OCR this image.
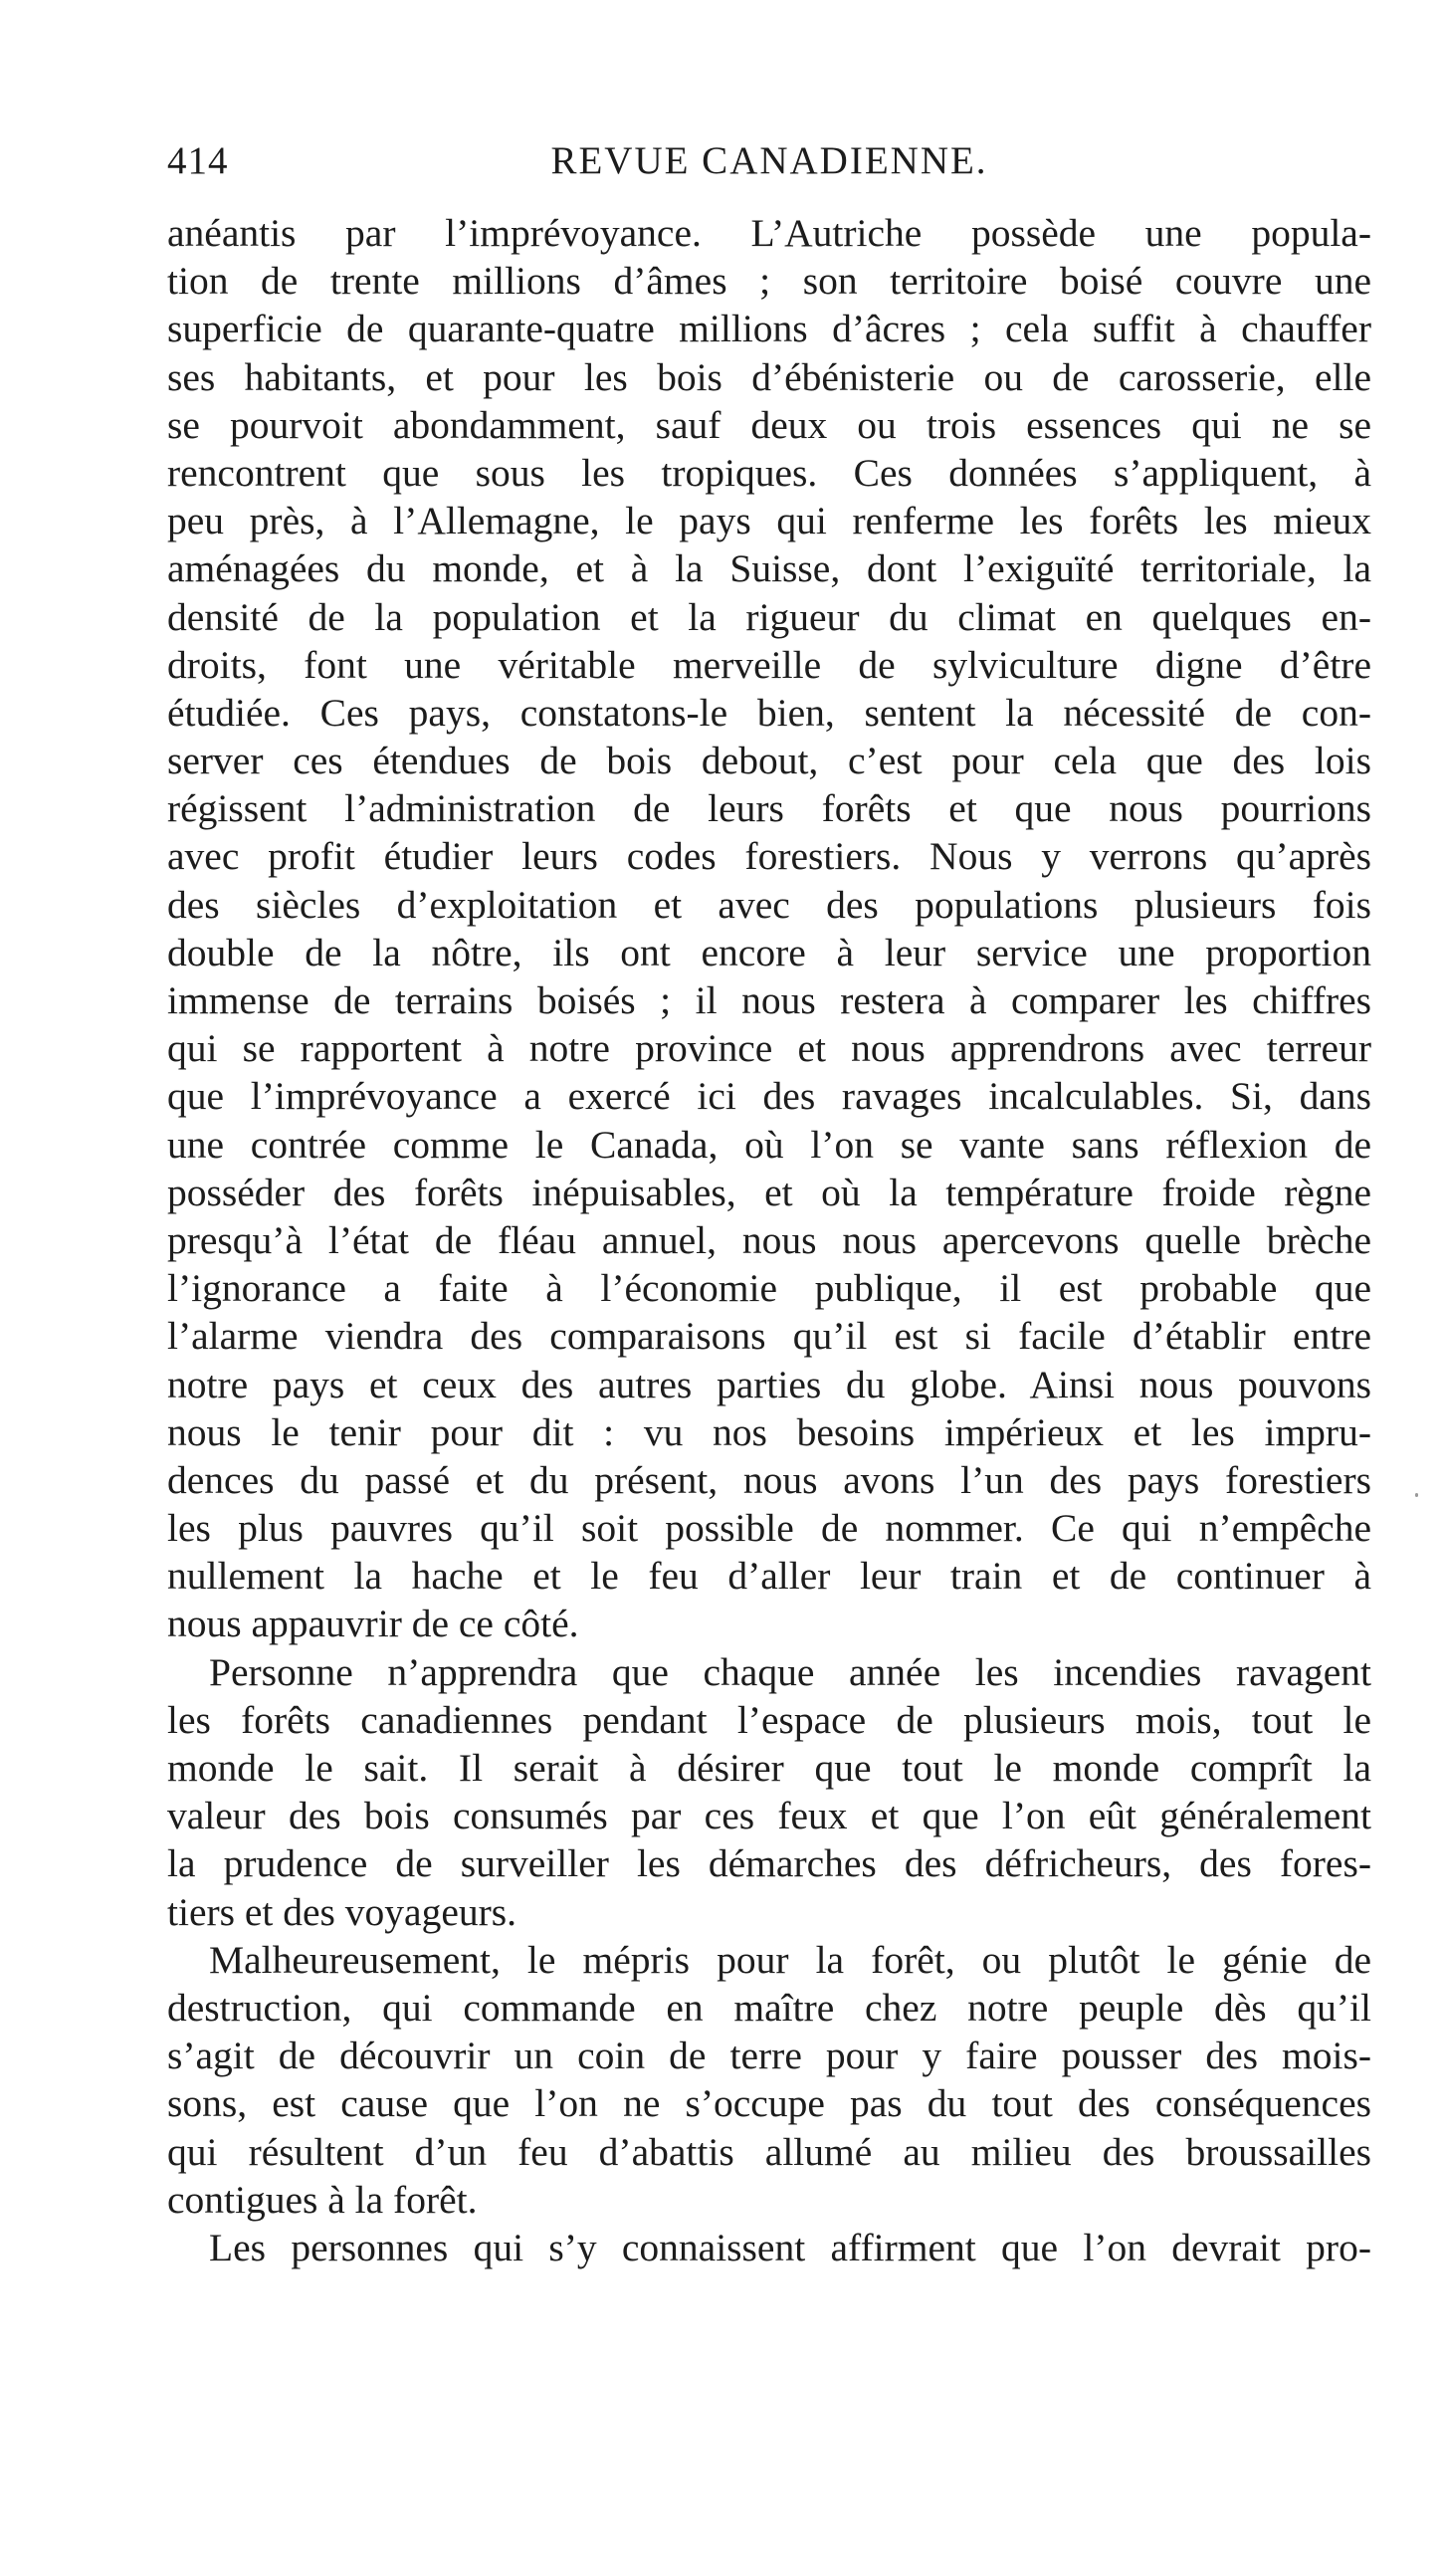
414	REVUE CANADIENNE.
anéantis par l’imprévoyance. L’Autriche possède une popula-
tion de trente millions d’âmes ; son territoire boisé couvre une
superficie de quarante-quatre millions d’âcres ; cela suffit à chauffer
ses habitants, et pour les bois d’ébénisterie ou de carosserie, elle
se pourvoit abondamment, sauf deux ou trois essences qui ne se
rencontrent que sous les tropiques. Ces données s’appliquent, à
peu près, à l’Allemagne, le pays qui renferme les forêts les mieux
aménagées du monde, et à la Suisse, dont l’exiguïté territoriale, la
densité de la population et la rigueur du climat en quelques en-
droits, font une véritable merveille de sylviculture digne d’être
étudiée. Ces pays, constatons-le bien, sentent la nécessité de con-
server ces étendues de bois debout, c’est pour cela que des lois
régissent l’administration de leurs forêts et que nous pourrions
avec profit étudier leurs codes forestiers. Nous y verrons qu’après
des siècles d’exploitation et avec des populations plusieurs fois
double de la nôtre, ils ont encore à leur service une proportion
immense de terrains boisés ; il nous restera à comparer les chiffres
qui se rapportent à notre province et nous apprendrons avec terreur
que l’imprévoyance a exercé ici des ravages incalculables. Si, dans
une contrée comme le Canada, où l’on se vante sans réflexion de
posséder des forêts inépuisables, et où la température froide règne
presqu’à l’état de fléau annuel, nous nous apercevons quelle brèche
l’ignorance a faite à l’économie publique, il est probable que
l’alarme viendra des comparaisons qu’il est si facile d’établir entre
notre pays et ceux des autres parties du globe. Ainsi nous pouvons
nous le tenir pour dit : vu nos besoins impérieux et les impru-
dences du passé et du présent, nous avons l’un des pays forestiers
les plus pauvres qu’il soit possible de nommer. Ce qui n’empêche
nullement la hache et le feu d’aller leur train et de continuer à
nous appauvrir de ce côté.
Personne n’apprendra que chaque année les incendies ravagent
les forêts canadiennes pendant l’espace de plusieurs mois, tout le
monde le sait. Il serait à désirer que tout le monde comprît la
valeur des bois consumés par ces feux et que l’on eût généralement
la prudence de surveiller les démarches des défricheurs, des fores-
tiers et des voyageurs.
Malheureusement, le mépris pour la forêt, ou plutôt le génie de
destruction, qui commande en maître chez notre peuple dès qu’il
s’agit de découvrir un coin de terre pour y faire pousser des mois-
sons, est cause que l’on ne s’occupe pas du tout des conséquences
qui résultent d’un feu d’abattis allumé au milieu des broussailles
contigues à la forêt.
Les personnes qui s’y connaissent affirment que l’on devrait pro-
